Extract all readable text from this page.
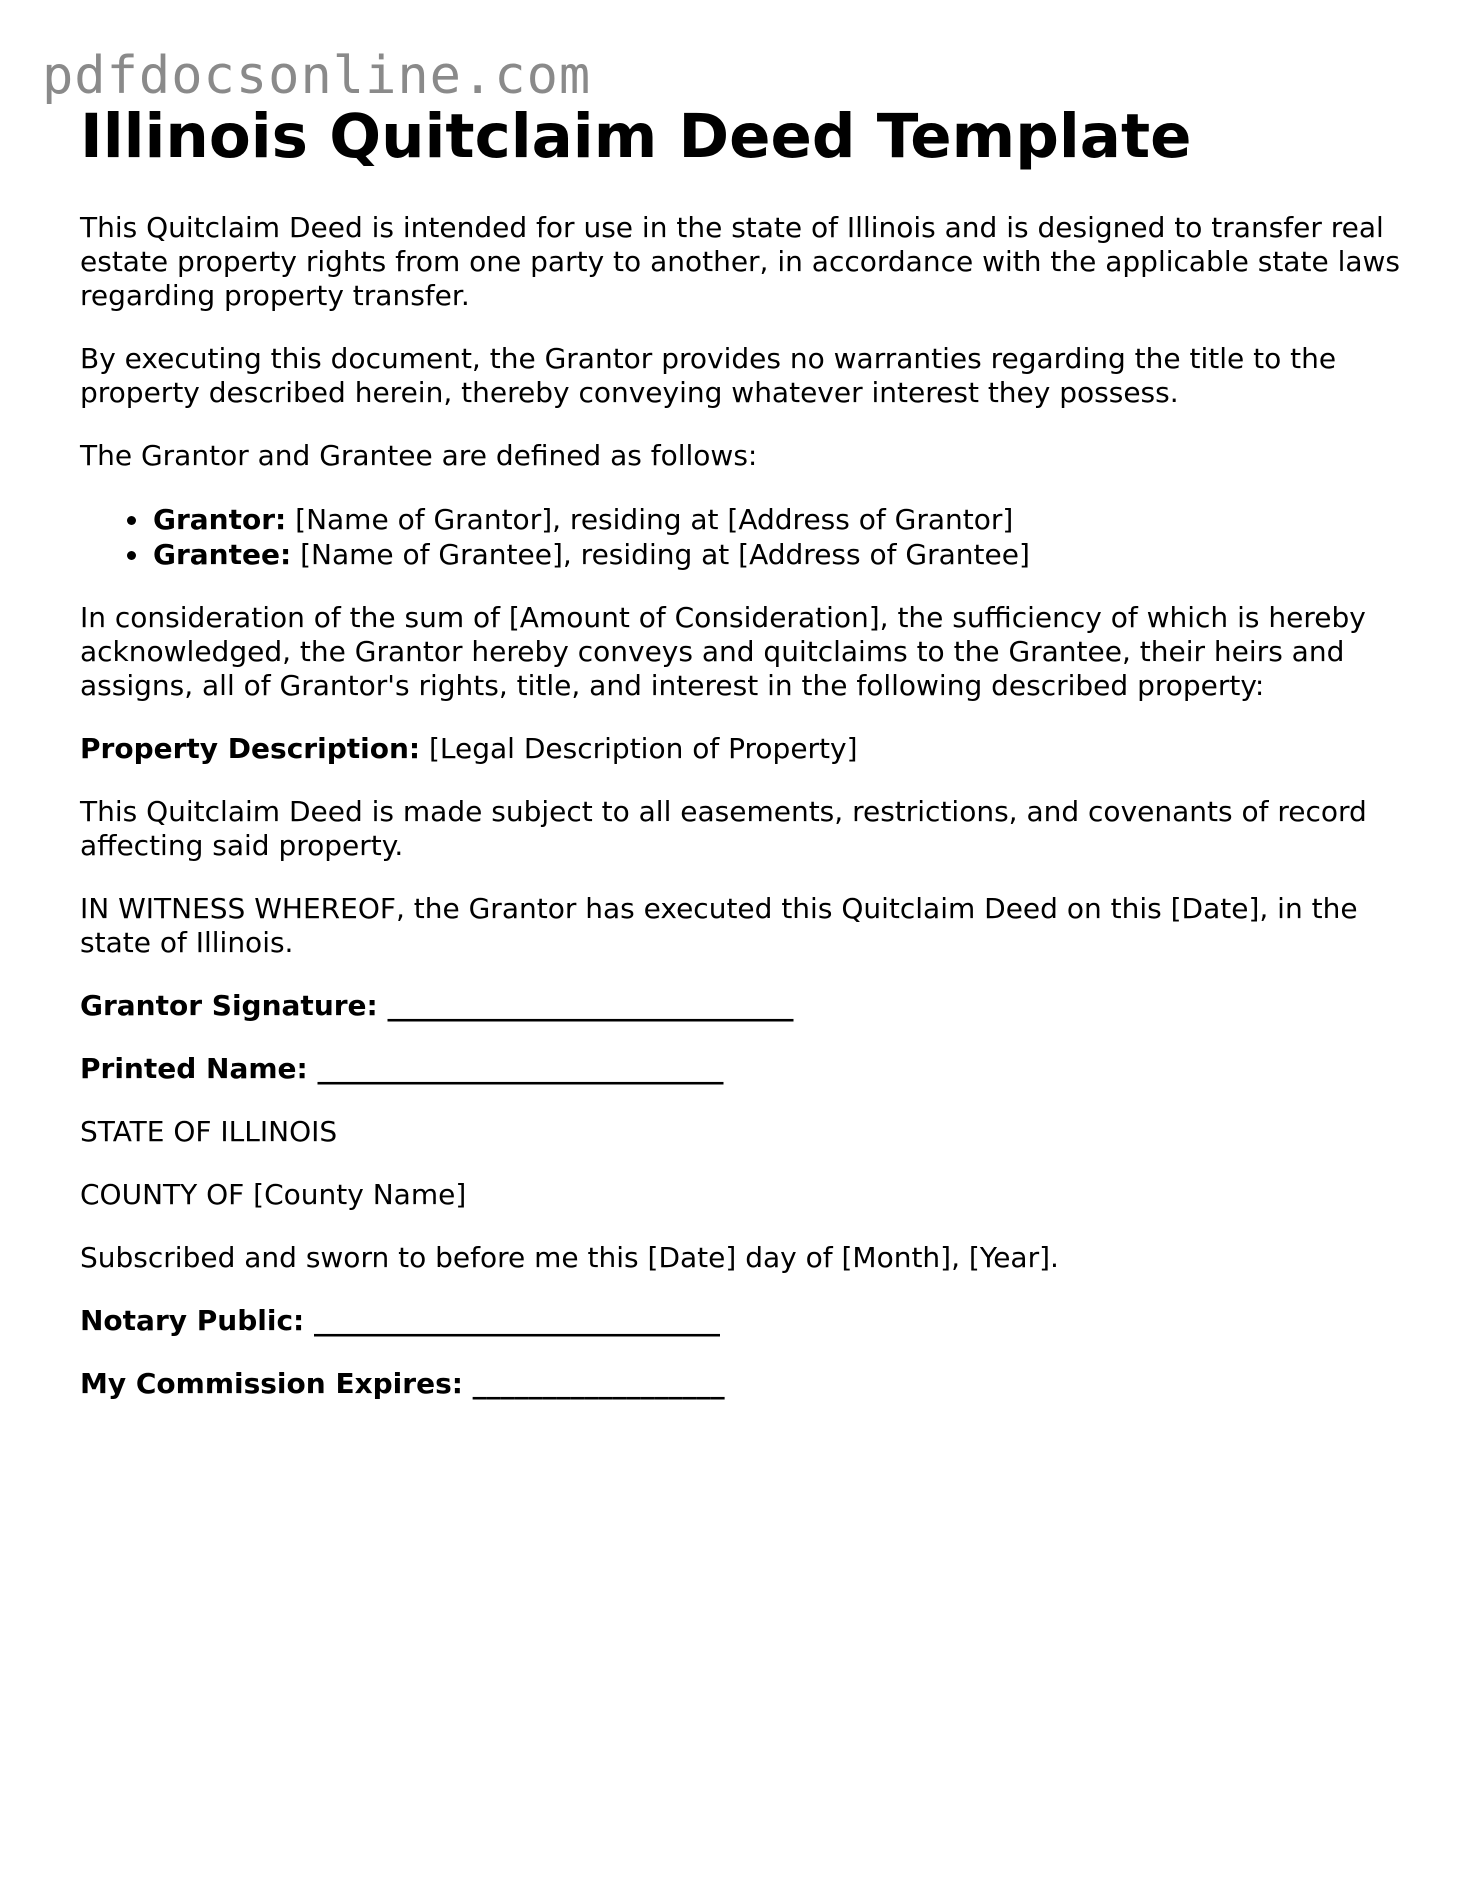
pdfdocsonline.com
Illinois Quitclaim Deed Template

This Quitclaim Deed is intended for use in the state of Illinois and is designed to transfer real estate property rights from one party to another, in accordance with the applicable state laws regarding property transfer.

By executing this document, the Grantor provides no warranties regarding the title to the property described herein, thereby conveying whatever interest they possess.

The Grantor and Grantee are defined as follows:

• Grantor: [Name of Grantor], residing at [Address of Grantor]
• Grantee: [Name of Grantee], residing at [Address of Grantee]

In consideration of the sum of [Amount of Consideration], the sufficiency of which is hereby acknowledged, the Grantor hereby conveys and quitclaims to the Grantee, their heirs and assigns, all of Grantor's rights, title, and interest in the following described property:

Property Description: [Legal Description of Property]

This Quitclaim Deed is made subject to all easements, restrictions, and covenants of record affecting said property.

IN WITNESS WHEREOF, the Grantor has executed this Quitclaim Deed on this [Date], in the state of Illinois.

Grantor Signature: _____________________________

Printed Name: _____________________________

STATE OF ILLINOIS

COUNTY OF [County Name]

Subscribed and sworn to before me this [Date] day of [Month], [Year].

Notary Public: _____________________________

My Commission Expires: __________________
